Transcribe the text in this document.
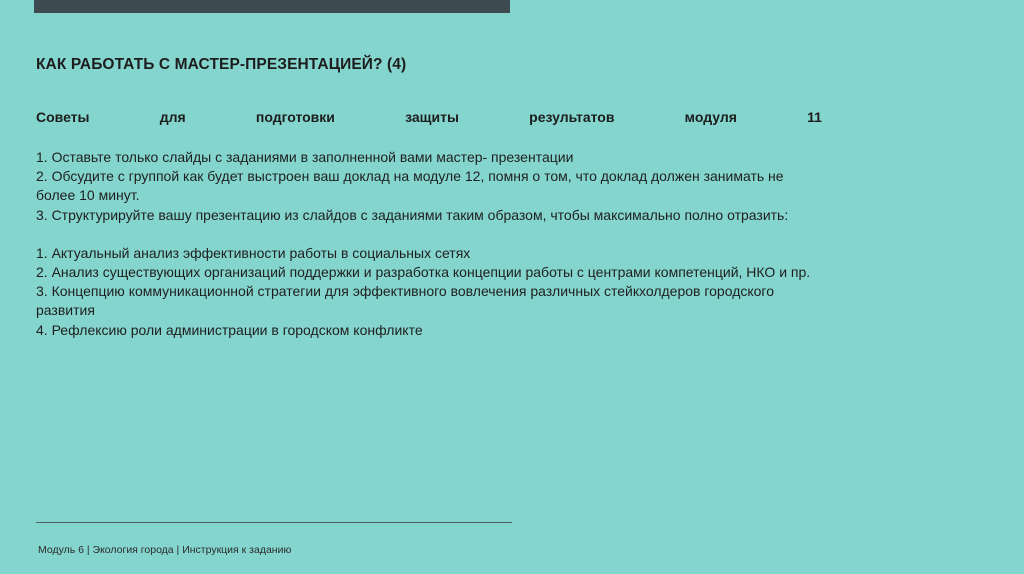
КАК РАБОТАТЬ С МАСТЕР-ПРЕЗЕНТАЦИЕЙ? (4)
Советы	для	подготовки	защиты	результатов	модуля	11

1. Оставьте только слайды с заданиями в заполненной вами мастер- презентации

2. Обсудите с группой как будет выстроен ваш доклад на модуле 12, помня о том, что доклад должен занимать не более 10 минут.

3. Структурируйте вашу презентацию из слайдов с заданиями таким образом, чтобы максимально полно отразить:

1. Актуальный анализ эффективности работы в социальных сетях

2. Анализ существующих организаций поддержки и разработка концепции работы с центрами компетенций, НКО и пр.

3. Концепцию коммуникационной стратегии для эффективного вовлечения различных стейкхолдеров городского развития

4. Рефлексию роли администрации в городском конфликте

Модуль 6 | Экология города | Инструкция к заданию
